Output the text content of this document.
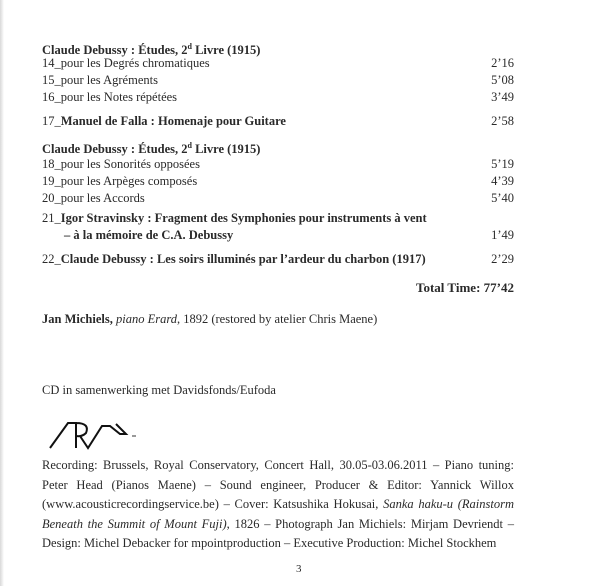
Claude Debussy : Études, 2$^d$ Livre (1915)
14_pour les Degrés chromatiques	2’16
15_pour les Agréments	5’08
16_pour les Notes répétées	3’49
17_Manuel de Falla : Homenaje pour Guitare	2’58
Claude Debussy : Études, 2$^d$ Livre (1915)
18_pour les Sonorités opposées	5’19
19_pour les Arpèges composés	4’39
20_pour les Accords	5’40
21_Igor Stravinsky : Fragment des Symphonies pour instruments à vent
– à la mémoire de C.A. Debussy	1’49
22_Claude Debussy : Les soirs illuminés par l’ardeur du charbon (1917)	2’29
Total Time: 77’42
Jan Michiels, piano Erard, 1892 (restored by atelier Chris Maene)
CD in samenwerking met Davidsfonds/Eufoda
Recording: Brussels, Royal Conservatory, Concert Hall, 30.05-03.06.2011 – Piano tuning: Peter Head (Pianos Maene) – Sound engineer, Producer & Editor: Yannick Willox (www.acousticrecordingservice.be) – Cover: Katsushika Hokusai, Sanka haku-u (Rainstorm Beneath the Summit of Mount Fuji), 1826 – Photograph Jan Michiels: Mirjam Devriendt – Design: Michel Debacker for mpointproduction – Executive Production: Michel Stockhem
3
